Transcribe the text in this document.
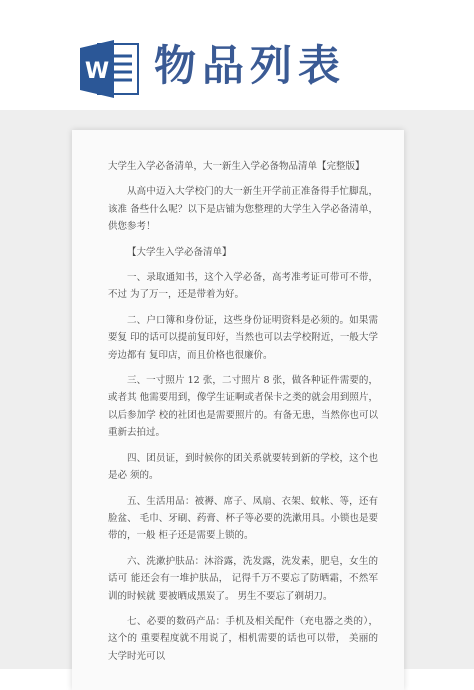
W 物品列表

大学生入学必备清单，大一新生入学必备物品清单【完整版】

从高中迈入大学校门的大一新生开学前正准备得手忙脚乱，该准 备些什么呢？以下是店铺为您整理的大学生入学必备清单，供您参考！

【大学生入学必备清单】

一、录取通知书，这个入学必备，高考准考证可带可不带，不过 为了万一，还是带着为好。

二、户口簿和身份证，这些身份证明资料是必须的。如果需要复 印的话可以提前复印好，当然也可以去学校附近，一般大学旁边都有 复印店，而且价格也很廉价。

三、一寸照片 12 张，二寸照片 8 张，做各种证件需要的，或者其 他需要用到，像学生证啊或者保卡之类的就会用到照片，以后参加学 校的社团也是需要照片的。有备无患，当然你也可以重新去拍过。

四、团员证，到时候你的团关系就要转到新的学校，这个也是必 须的。

五、生活用品：被褥、席子、凤扇、衣架、蚊帐、等，还有脸盆、 毛巾、牙刷、药膏、杯子等必要的洗漱用具。小锁也是要带的，一般 柜子还是需要上锁的。

六、洗漱护肤品：沐浴露，洗发露，洗发素，肥皂，女生的话可 能还会有一堆护肤品， 记得千万不要忘了防晒霜，不然军训的时候就 要被晒成黑炭了。 男生不要忘了剃胡刀。

七、必要的数码产品：手机及相关配件（充电器之类的），这个的 重要程度就不用说了，相机需要的话也可以带， 美丽的大学时光可以
